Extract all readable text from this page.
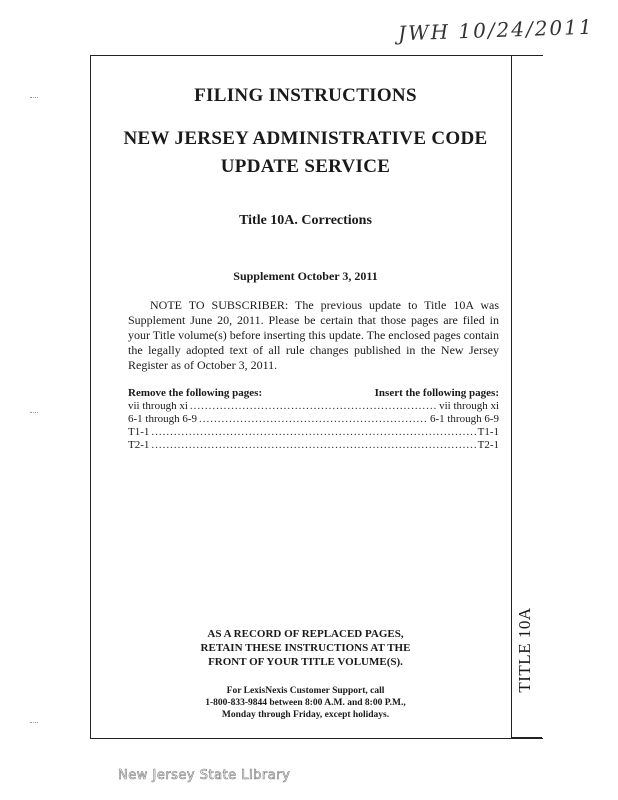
JWH 10/24/2011
TITLE 10A
FILING INSTRUCTIONS
NEW JERSEY ADMINISTRATIVE CODE
UPDATE SERVICE
Title 10A. Corrections
Supplement October 3, 2011

NOTE TO SUBSCRIBER: The previous update to Title 10A was Supplement June 20, 2011. Please be certain that those pages are filed in your Title volume(s) before inserting this update. The enclosed pages contain the legally adopted text of all rule changes published in the New Jersey Register as of October 3, 2011.

Remove the following pages:	Insert the following pages:
vii through xi .....	vii through xi
6-1 through 6-9 .....	6-1 through 6-9
T1-1 .....	T1-1
T2-1 .....	T2-1
AS A RECORD OF REPLACED PAGES,
RETAIN THESE INSTRUCTIONS AT THE
FRONT OF YOUR TITLE VOLUME(S).
For LexisNexis Customer Support, call
1-800-833-9844 between 8:00 A.M. and 8:00 P.M.,
Monday through Friday, except holidays.
New Jersey State Library
